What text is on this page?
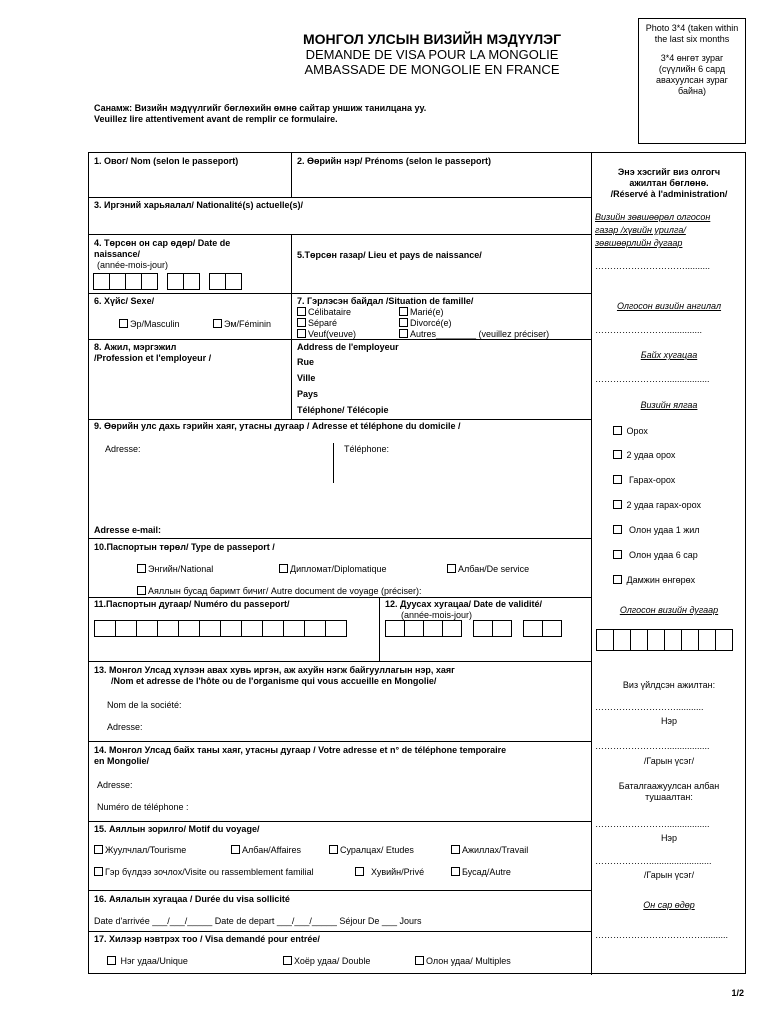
МОНГОЛ УЛСЫН ВИЗИЙН МЭДҮҮЛЭГ
DEMANDE DE VISA POUR LA MONGOLIE
AMBASSADE DE MONGOLIE EN FRANCE

Photo 3*4 (taken within the last six months

3*4 өнгөт зураг (сүүлийн 6 сард авахуулсан зураг байна)

Санамж: Визийн мэдүүлгийг бөглөхийн өмнө сайтар уншиж танилцана уу.
Veuillez lire attentivement avant de remplir ce formulaire.
1. Овог/ Nom (selon le passeport)	2. Өөрийн нэр/ Prénoms (selon le passeport)
3. Иргэний харьяалал/ Nationalité(s) actuelle(s)/
4. Төрсөн он сар өдөр/ Date de
naissance/
(année-mois-jour)
5.Төрсөн газар/ Lieu et pays de naissance/
6. Хүйс/ Sexe/
Эр/Masculin	Эм/Féminin
7. Гэрлэсэн байдал /Situation de famille/
Célibataire	Marié(e)
Séparé	Divorcé(e)
Veuf(veuve)	Autres________ (veuillez préciser)
8. Ажил, мэргэжил
/Profession et l'employeur /
Address de l'employeur
Rue
Ville
Pays
Téléphone/ Télécopie
9. Өөрийн улс дахь гэрийн хаяг, утасны дугаар / Adresse et téléphone du domicile /
Adresse:	Téléphone:
Adresse e-mail:
10.Паспортын төрөл/ Type de passeport /
Энгийн/National	Дипломат/Diplomatique	Албан/De service
Аяллын бусад баримт бичиг/ Autre document de voyage (préciser):
11.Паспортын дугаар/ Numéro du passeport/	12. Дуусах хугацаа/ Date de validité/
(année-mois-jour)
13. Монгол Улсад хүлээн авах хувь иргэн, аж ахуйн нэгж байгууллагын нэр, хаяг
/Nom et adresse de l'hôte ou de l'organisme qui vous accueille en Mongolie/
Nom de la société:
Adresse:
14. Монгол Улсад байх таны хаяг, утасны дугаар / Votre adresse et n° de téléphone temporaire
en Mongolie/
Adresse:
Numéro de téléphone :
15. Аяллын зорилго/ Motif du voyage/
Жуулчлал/Tourisme	Албан/Affaires	Суралцах/ Etudes	Ажиллах/Travail
Гэр бүлдээ зочлох/Visite ou rassemblement familial	Хувийн/Privé	Бусад/Autre
16. Аялалын хугацаа / Durée du visa sollicité
Date d'arrivée ___/___/_____ Date de depart ___/___/_____ Séjour De ___ Jours
17. Хилээр нэвтрэх тоо / Visa demandé pour entrée/
Нэг удаа/Unique	Хоёр удаа/ Double	Олон удаа/ Multiples
Энэ хэсгийг виз олгогч
ажилтан бөглөнө.
/Réservé à l'administration/
Визийн зөвшөөрөл олгосон
газар /хүвийн урилга/
зөвшөөрлийн дугаар
…………………………..........
Олгосон визийн ангилал
……………………..............
Байх хугацаа
…………………….................
Визийн ялгаа
Орох
2 удаа орох
Гарах-орох
2 удаа гарах-орох
Олон удаа 1 жил
Олон удаа 6 сар
Дамжин өнгөрөх
Олгосон визийн дугаар
Виз үйлдсэн ажилтан:
………………………...........
Нэр
…………………….................
/Гарын үсэг/
Баталгаажуулсан албан
тушаалтан:
…………………….................
Нэр
……………….........................
/Гарын үсэг/
Он сар өдөр
………………………………..........
1/2
